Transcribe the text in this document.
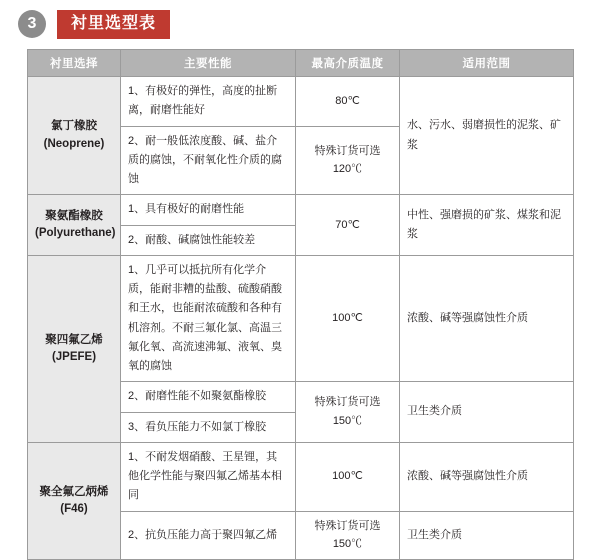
3	衬里选型表
衬里选择	主要性能	最高介质温度	适用范围
氯丁橡胶
(Neoprene)	1、有极好的弹性，高度的扯断离，耐磨性能好	80℃	水、污水、弱磨损性的泥浆、矿浆
	2、耐一般低浓度酸、碱、盐介质的腐蚀，不耐氧化性介质的腐蚀	特殊订货可选120℃	
聚氨酯橡胶
(Polyurethane)	1、具有极好的耐磨性能	70℃	中性、强磨损的矿浆、煤浆和泥浆
	2、耐酸、碱腐蚀性能较差		
聚四氟乙烯
(JPEFE)	1、几乎可以抵抗所有化学介质，能耐非糟的盐酸、硫酸硝酸和王水，也能耐浓硫酸和各种有机溶剂。不耐三氟化氯、高温三氟化氧、高流速沸氟、液氧、臭氧的腐蚀	100℃	浓酸、碱等强腐蚀性介质
	2、耐磨性能不如聚氨酯橡胶	特殊订货可选150℃	卫生类介质
	3、看负压能力不如氯丁橡胶		
聚全氟乙炳烯
(F46)	1、不耐发烟硝酸、王星锂，其他化学性能与聚四氟乙烯基本相同	100℃	浓酸、碱等强腐蚀性介质
	2、抗负压能力高于聚四氟乙烯	特殊订货可选150℃	卫生类介质
